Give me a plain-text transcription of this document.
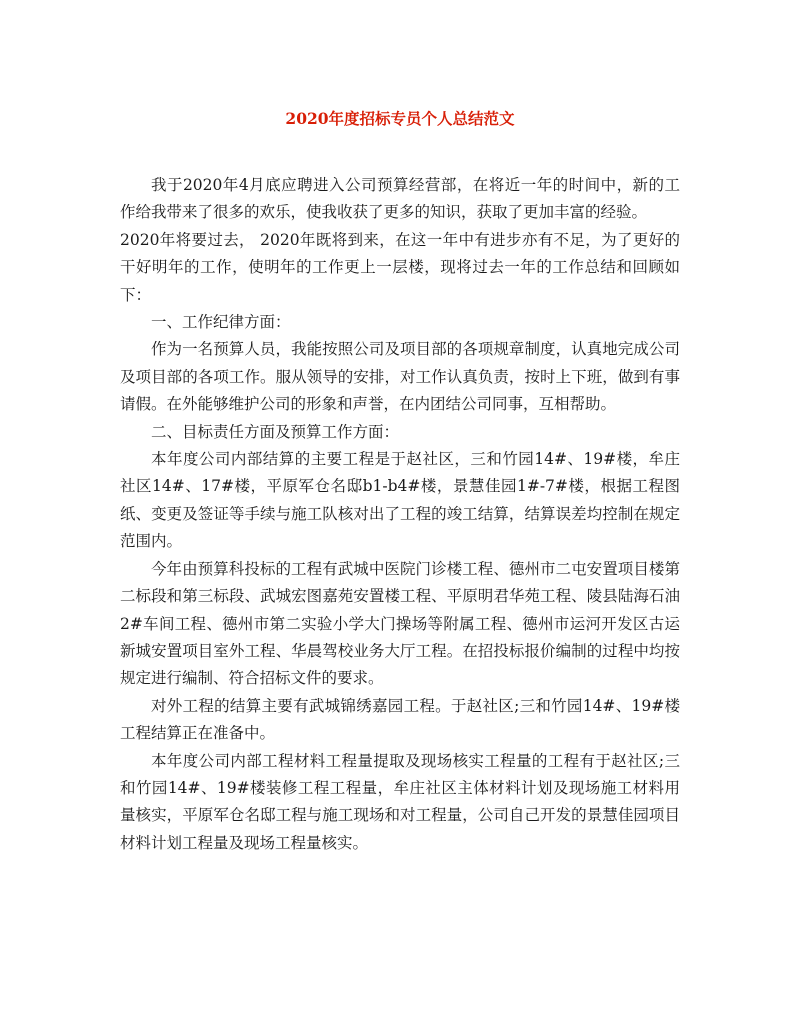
2020年度招标专员个人总结范文

我于2020年4月底应聘进入公司预算经营部，在将近一年的时间中，新的工作给我带来了很多的欢乐，使我收获了更多的知识，获取了更加丰富的经验。

2020年将要过去， 2020年既将到来，在这一年中有进步亦有不足，为了更好的干好明年的工作，使明年的工作更上一层楼，现将过去一年的工作总结和回顾如下：

一、工作纪律方面：

作为一名预算人员，我能按照公司及项目部的各项规章制度，认真地完成公司及项目部的各项工作。服从领导的安排，对工作认真负责，按时上下班，做到有事请假。在外能够维护公司的形象和声誉，在内团结公司同事，互相帮助。

二、目标责任方面及预算工作方面：

本年度公司内部结算的主要工程是于赵社区，三和竹园14#、19#楼，牟庄社区14#、17#楼，平原军仓名邸b1-b4#楼，景慧佳园1#-7#楼，根据工程图纸、变更及签证等手续与施工队核对出了工程的竣工结算，结算误差均控制在规定范围内。

今年由预算科投标的工程有武城中医院门诊楼工程、德州市二屯安置项目楼第二标段和第三标段、武城宏图嘉苑安置楼工程、平原明君华苑工程、陵县陆海石油2#车间工程、德州市第二实验小学大门操场等附属工程、德州市运河开发区古运新城安置项目室外工程、华晨驾校业务大厅工程。在招投标报价编制的过程中均按规定进行编制、符合招标文件的要求。

对外工程的结算主要有武城锦绣嘉园工程。于赵社区;三和竹园14#、19#楼工程结算正在准备中。

本年度公司内部工程材料工程量提取及现场核实工程量的工程有于赵社区;三和竹园14#、19#楼装修工程工程量，牟庄社区主体材料计划及现场施工材料用量核实，平原军仓名邸工程与施工现场和对工程量，公司自己开发的景慧佳园项目材料计划工程量及现场工程量核实。
